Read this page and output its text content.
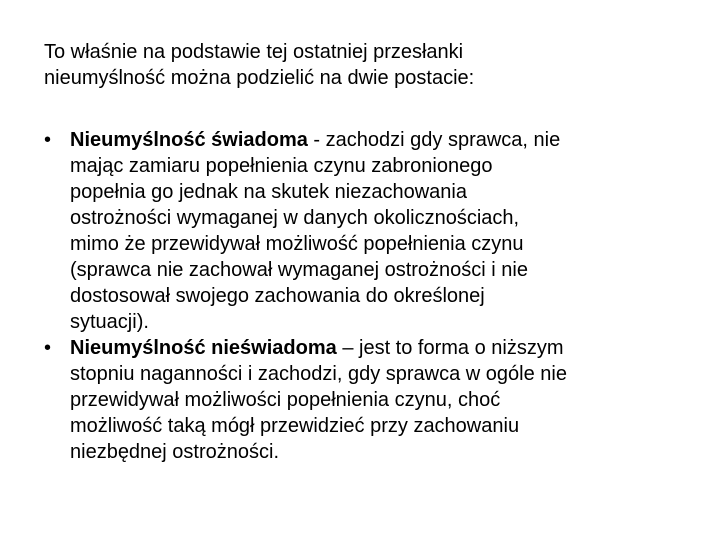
To właśnie na podstawie tej ostatniej przesłanki
nieumyślność można podzielić na dwie postacie:

• Nieumyślność świadoma - zachodzi gdy sprawca, nie
mając zamiaru popełnienia czynu zabronionego
popełnia go jednak na skutek niezachowania
ostrożności wymaganej w danych okolicznościach,
mimo że przewidywał możliwość popełnienia czynu
(sprawca nie zachował wymaganej ostrożności i nie
dostosował swojego zachowania do określonej
sytuacji).
• Nieumyślność nieświadoma – jest to forma o niższym
stopniu naganności i zachodzi, gdy sprawca w ogóle nie
przewidywał możliwości popełnienia czynu, choć
możliwość taką mógł przewidzieć przy zachowaniu
niezbędnej ostrożności.
